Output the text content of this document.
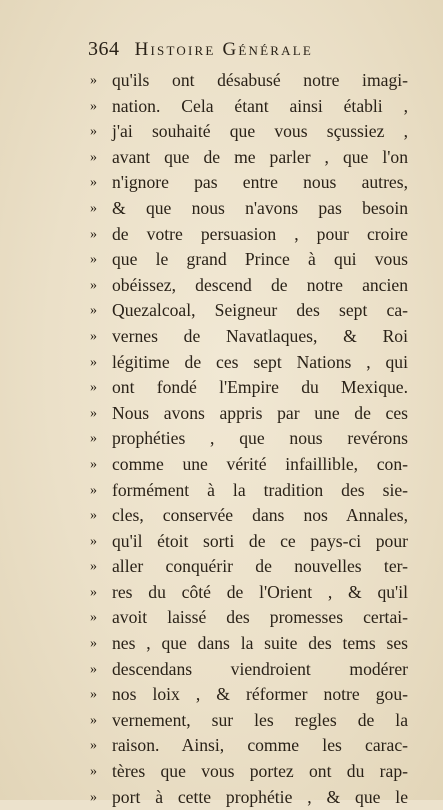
364 Histoire Générale
» qu'ils ont désabusé notre imagi-
» nation. Cela étant ainsi établi ,
» j'ai souhaité que vous sçussiez ,
» avant que de me parler , que l'on
» n'ignore pas entre nous autres,
» & que nous n'avons pas besoin
» de votre persuasion , pour croire
» que le grand Prince à qui vous
» obéissez, descend de notre ancien
» Quezalcoal, Seigneur des sept ca-
» vernes de Navatlaques, & Roi
» légitime de ces sept Nations , qui
» ont fondé l'Empire du Mexique.
» Nous avons appris par une de ces
» prophéties , que nous revérons
» comme une vérité infaillible, con-
» formément à la tradition des sie-
» cles, conservée dans nos Annales,
» qu'il étoit sorti de ce pays-ci pour
» aller conquérir de nouvelles ter-
» res du côté de l'Orient , & qu'il
» avoit laissé des promesses certai-
» nes , que dans la suite des tems ses
» descendans viendroient modérer
» nos loix , & réformer notre gou-
» vernement, sur les regles de la
» raison. Ainsi, comme les carac-
» tères que vous portez ont du rap-
» port à cette prophétie , & que le
